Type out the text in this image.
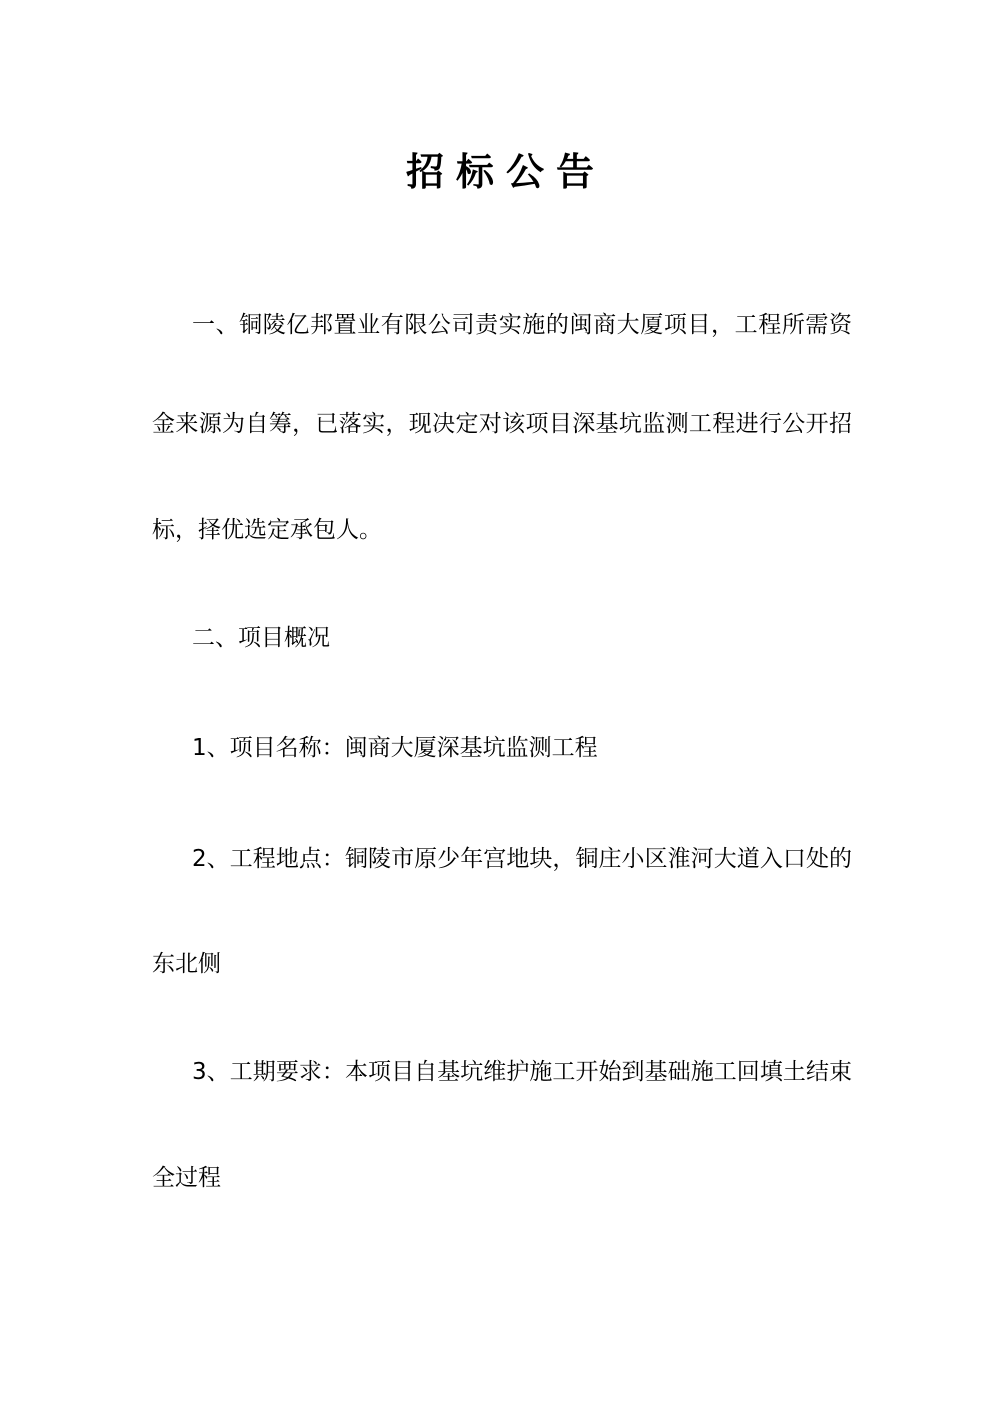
招标公告
一、铜陵亿邦置业有限公司责实施的闽商大厦项目，工程所需资
金来源为自筹，已落实，现决定对该项目深基坑监测工程进行公开招
标，择优选定承包人。
二、项目概况
1、项目名称：闽商大厦深基坑监测工程
2、工程地点：铜陵市原少年宫地块，铜庄小区淮河大道入口处的
东北侧
3、工期要求：本项目自基坑维护施工开始到基础施工回填土结束
全过程
